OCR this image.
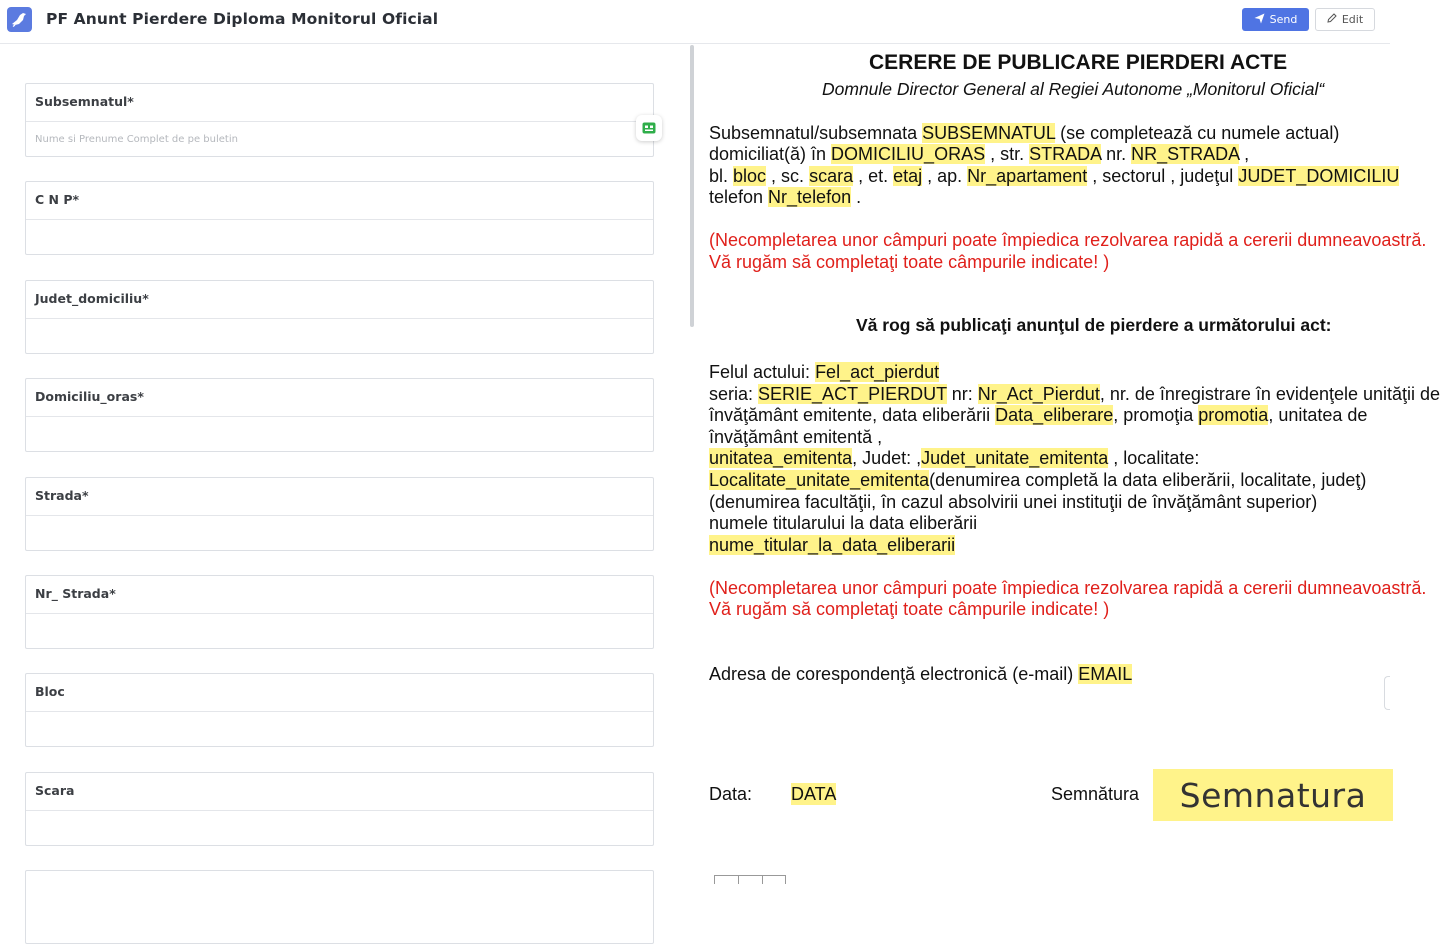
PF Anunt Pierdere Diploma Monitorul Oficial	Send	Edit
Subsemnatul*
Nume si Prenume Complet de pe buletin
C N P*
Judet_domiciliu*
Domiciliu_oras*
Strada*
Nr_ Strada*
Bloc
Scara
CERERE DE PUBLICARE PIERDERI ACTE
Domnule Director General al Regiei Autonome „Monitorul Oficial“
Subsemnatul/subsemnata SUBSEMNATUL (se completează cu numele actual)
domiciliat(ă) în DOMICILIU_ORAS , str. STRADA nr. NR_STRADA ,
bl. bloc , sc. scara , et. etaj , ap. Nr_apartament , sectorul , judeţul JUDET_DOMICILIU
telefon Nr_telefon .
(Necompletarea unor câmpuri poate împiedica rezolvarea rapidă a cererii dumneavoastră.
Vă rugăm să completaţi toate câmpurile indicate! )
Vă rog să publicaţi anunţul de pierdere a următorului act:
Felul actului: Fel_act_pierdut
seria: SERIE_ACT_PIERDUT nr: Nr_Act_Pierdut, nr. de înregistrare în evidenţele unităţii de
învăţământ emitente, data eliberării Data_eliberare, promoţia promotia, unitatea de
învăţământ emitentă ,
unitatea_emitenta, Judet: ,Judet_unitate_emitenta , localitate:
Localitate_unitate_emitenta(denumirea completă la data eliberării, localitate, judeţ)
(denumirea facultăţii, în cazul absolvirii unei instituţii de învăţământ superior)
numele titularului la data eliberării
nume_titular_la_data_eliberarii
(Necompletarea unor câmpuri poate împiedica rezolvarea rapidă a cererii dumneavoastră.
Vă rugăm să completaţi toate câmpurile indicate! )
Adresa de corespondenţă electronică (e-mail) EMAIL
Data: DATA	Semnătura	Semnatura
